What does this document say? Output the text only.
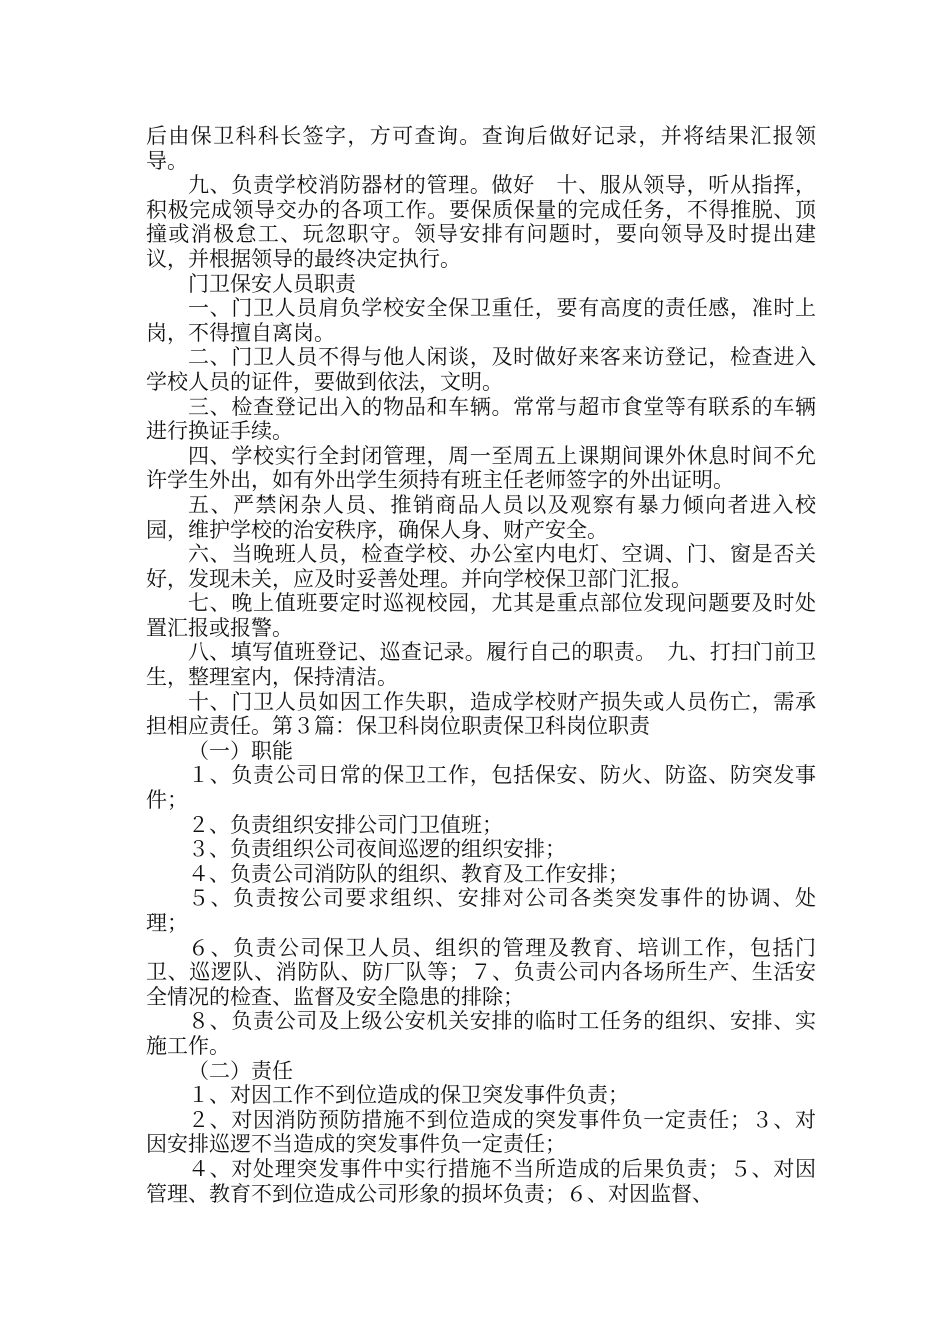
后由保卫科科长签字，方可查询。查询后做好记录，并将结果汇报领导。

九、负责学校消防器材的管理。做好　十、服从领导，听从指挥，积极完成领导交办的各项工作。要保质保量的完成任务，不得推脱、顶撞或消极怠工、玩忽职守。领导安排有问题时，要向领导及时提出建议，并根据领导的最终决定执行。

门卫保安人员职责

一、门卫人员肩负学校安全保卫重任，要有高度的责任感，准时上岗，不得擅自离岗。

二、门卫人员不得与他人闲谈，及时做好来客来访登记，检查进入学校人员的证件，要做到依法，文明。

三、检查登记出入的物品和车辆。常常与超市食堂等有联系的车辆进行换证手续。

四、学校实行全封闭管理，周一至周五上课期间课外休息时间不允许学生外出，如有外出学生须持有班主任老师签字的外出证明。

五、严禁闲杂人员、推销商品人员以及观察有暴力倾向者进入校园，维护学校的治安秩序，确保人身、财产安全。

六、当晚班人员，检查学校、办公室内电灯、空调、门、窗是否关好，发现未关，应及时妥善处理。并向学校保卫部门汇报。

七、晚上值班要定时巡视校园，尤其是重点部位发现问题要及时处置汇报或报警。

八、填写值班登记、巡查记录。履行自己的职责。　九、打扫门前卫生，整理室内，保持清洁。

十、门卫人员如因工作失职，造成学校财产损失或人员伤亡，需承担相应责任。第３篇：保卫科岗位职责保卫科岗位职责

（一）职能

１、负责公司日常的保卫工作，包括保安、防火、防盗、防突发事件；

２、负责组织安排公司门卫值班；

３、负责组织公司夜间巡逻的组织安排；

４、负责公司消防队的组织、教育及工作安排；

５、负责按公司要求组织、安排对公司各类突发事件的协调、处理；

６、负责公司保卫人员、组织的管理及教育、培训工作，包括门卫、巡逻队、消防队、防厂队等；７、负责公司内各场所生产、生活安全情况的检查、监督及安全隐患的排除；

８、负责公司及上级公安机关安排的临时工任务的组织、安排、实施工作。

（二）责任

１、对因工作不到位造成的保卫突发事件负责；

２、对因消防预防措施不到位造成的突发事件负一定责任；３、对因安排巡逻不当造成的突发事件负一定责任；

４、对处理突发事件中实行措施不当所造成的后果负责；５、对因管理、教育不到位造成公司形象的损坏负责；６、对因监督、
